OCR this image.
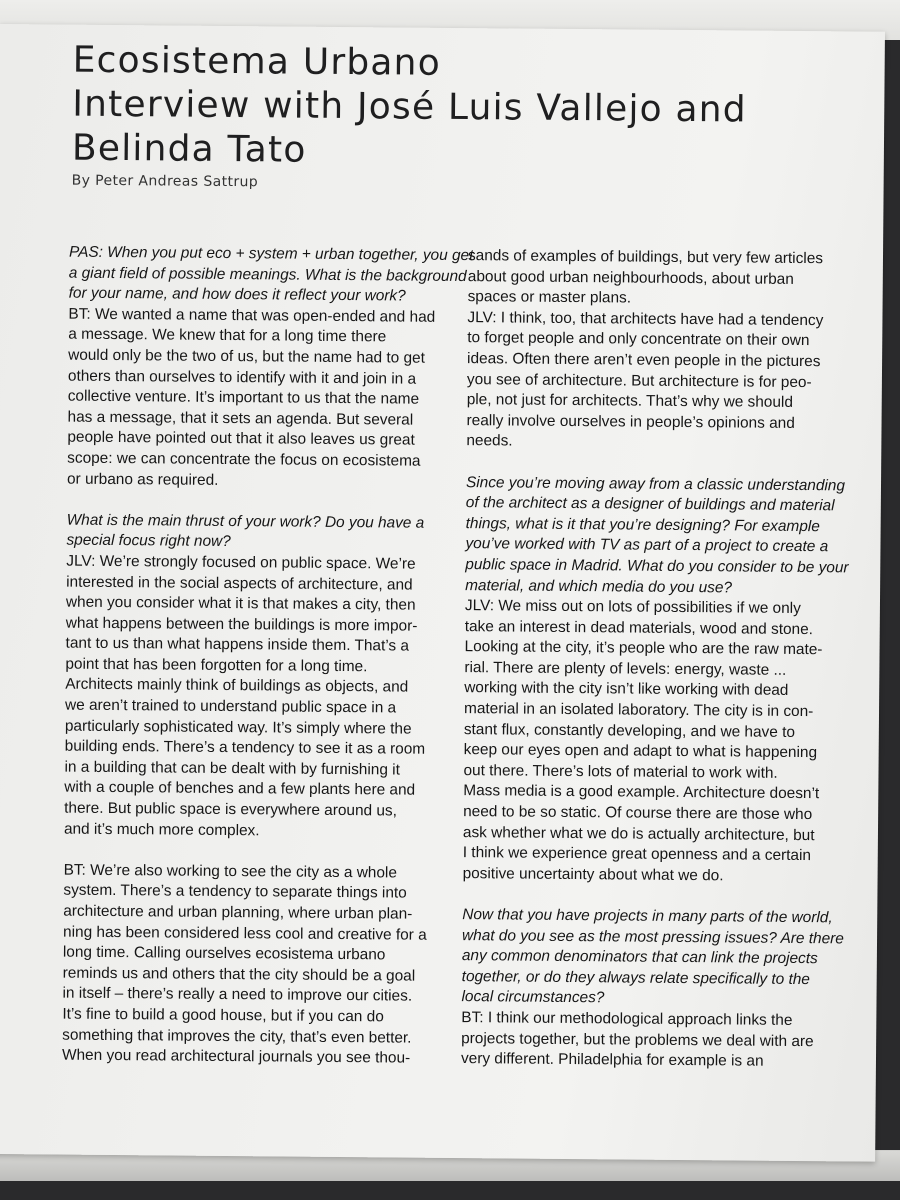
Ecosistema Urbano
Interview with José Luis Vallejo and
Belinda Tato
By Peter Andreas Sattrup

PAS: When you put eco + system + urban together, you get
a giant field of possible meanings. What is the background
for your name, and how does it reflect your work?
BT: We wanted a name that was open-ended and had
a message. We knew that for a long time there
would only be the two of us, but the name had to get
others than ourselves to identify with it and join in a
collective venture. It’s important to us that the name
has a message, that it sets an agenda. But several
people have pointed out that it also leaves us great
scope: we can concentrate the focus on ecosistema
or urbano as required.

What is the main thrust of your work? Do you have a
special focus right now?
JLV: We’re strongly focused on public space. We’re
interested in the social aspects of architecture, and
when you consider what it is that makes a city, then
what happens between the buildings is more impor-
tant to us than what happens inside them. That’s a
point that has been forgotten for a long time.
Architects mainly think of buildings as objects, and
we aren’t trained to understand public space in a
particularly sophisticated way. It’s simply where the
building ends. There’s a tendency to see it as a room
in a building that can be dealt with by furnishing it
with a couple of benches and a few plants here and
there. But public space is everywhere around us,
and it’s much more complex.

BT: We’re also working to see the city as a whole
system. There’s a tendency to separate things into
architecture and urban planning, where urban plan-
ning has been considered less cool and creative for a
long time. Calling ourselves ecosistema urbano
reminds us and others that the city should be a goal
in itself – there’s really a need to improve our cities.
It’s fine to build a good house, but if you can do
something that improves the city, that’s even better.
When you read architectural journals you see thou-

sands of examples of buildings, but very few articles
about good urban neighbourhoods, about urban
spaces or master plans.
JLV: I think, too, that architects have had a tendency
to forget people and only concentrate on their own
ideas. Often there aren’t even people in the pictures
you see of architecture. But architecture is for peo-
ple, not just for architects. That’s why we should
really involve ourselves in people’s opinions and
needs.

Since you’re moving away from a classic understanding
of the architect as a designer of buildings and material
things, what is it that you’re designing? For example
you’ve worked with TV as part of a project to create a
public space in Madrid. What do you consider to be your
material, and which media do you use?
JLV: We miss out on lots of possibilities if we only
take an interest in dead materials, wood and stone.
Looking at the city, it’s people who are the raw mate-
rial. There are plenty of levels: energy, waste ...
working with the city isn’t like working with dead
material in an isolated laboratory. The city is in con-
stant flux, constantly developing, and we have to
keep our eyes open and adapt to what is happening
out there. There’s lots of material to work with.
Mass media is a good example. Architecture doesn’t
need to be so static. Of course there are those who
ask whether what we do is actually architecture, but
I think we experience great openness and a certain
positive uncertainty about what we do.

Now that you have projects in many parts of the world,
what do you see as the most pressing issues? Are there
any common denominators that can link the projects
together, or do they always relate specifically to the
local circumstances?
BT: I think our methodological approach links the
projects together, but the problems we deal with are
very different. Philadelphia for example is an
